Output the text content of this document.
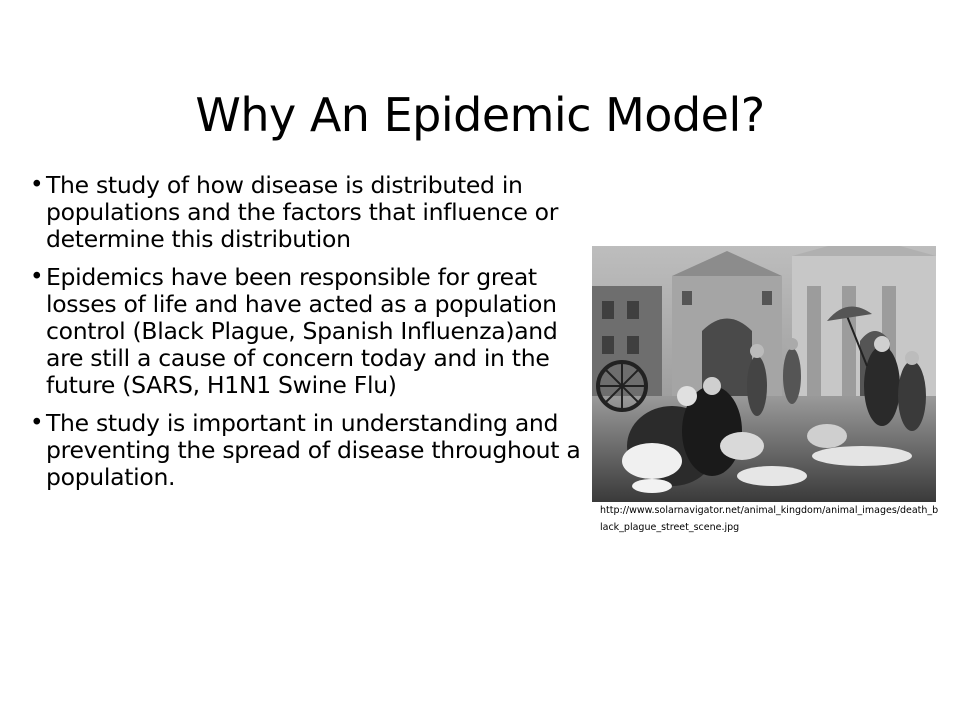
Why An Epidemic Model?
• The study of how disease is distributed in populations and the factors that influence or determine this distribution
• Epidemics have been responsible for great losses of life and have acted as a population control (Black Plague, Spanish Influenza)and are still a cause of concern today and in the future (SARS, H1N1 Swine Flu)
• The study is important in understanding and preventing the spread of disease throughout a population.
http://www.solarnavigator.net/animal_kingdom/animal_images/death_black_plague_street_scene.jpg
